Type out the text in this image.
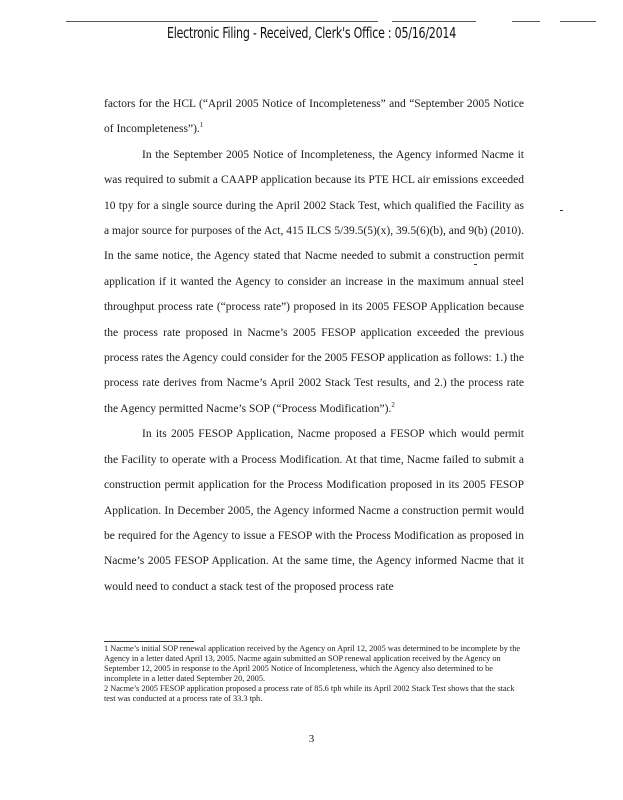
Electronic Filing - Received, Clerk's Office : 05/16/2014

factors for the HCL (“April 2005 Notice of Incompleteness” and “September 2005 Notice of Incompleteness”).$^1$

In the September 2005 Notice of Incompleteness, the Agency informed Nacme it was required to submit a CAAPP application because its PTE HCL air emissions exceeded 10 tpy for a single source during the April 2002 Stack Test, which qualified the Facility as a major source for purposes of the Act, 415 ILCS 5/39.5(5)(x), 39.5(6)(b), and 9(b) (2010). In the same notice, the Agency stated that Nacme needed to submit a construction permit application if it wanted the Agency to consider an increase in the maximum annual steel throughput process rate (“process rate”) proposed in its 2005 FESOP Application because the process rate proposed in Nacme’s 2005 FESOP application exceeded the previous process rates the Agency could consider for the 2005 FESOP application as follows: 1.) the process rate derives from Nacme’s April 2002 Stack Test results, and 2.) the process rate the Agency permitted Nacme’s SOP (“Process Modification”).$^2$

In its 2005 FESOP Application, Nacme proposed a FESOP which would permit the Facility to operate with a Process Modification. At that time, Nacme failed to submit a construction permit application for the Process Modification proposed in its 2005 FESOP Application. In December 2005, the Agency informed Nacme a construction permit would be required for the Agency to issue a FESOP with the Process Modification as proposed in Nacme’s 2005 FESOP Application. At the same time, the Agency informed Nacme that it would need to conduct a stack test of the proposed process rate

1 Nacme’s initial SOP renewal application received by the Agency on April 12, 2005 was determined to be incomplete by the Agency in a letter dated April 13, 2005. Nacme again submitted an SOP renewal application received by the Agency on September 12, 2005 in response to the April 2005 Notice of Incompleteness, which the Agency also determined to be incomplete in a letter dated September 20, 2005.

2 Nacme’s 2005 FESOP application proposed a process rate of 85.6 tph while its April 2002 Stack Test shows that the stack test was conducted at a process rate of 33.3 tph.

3
